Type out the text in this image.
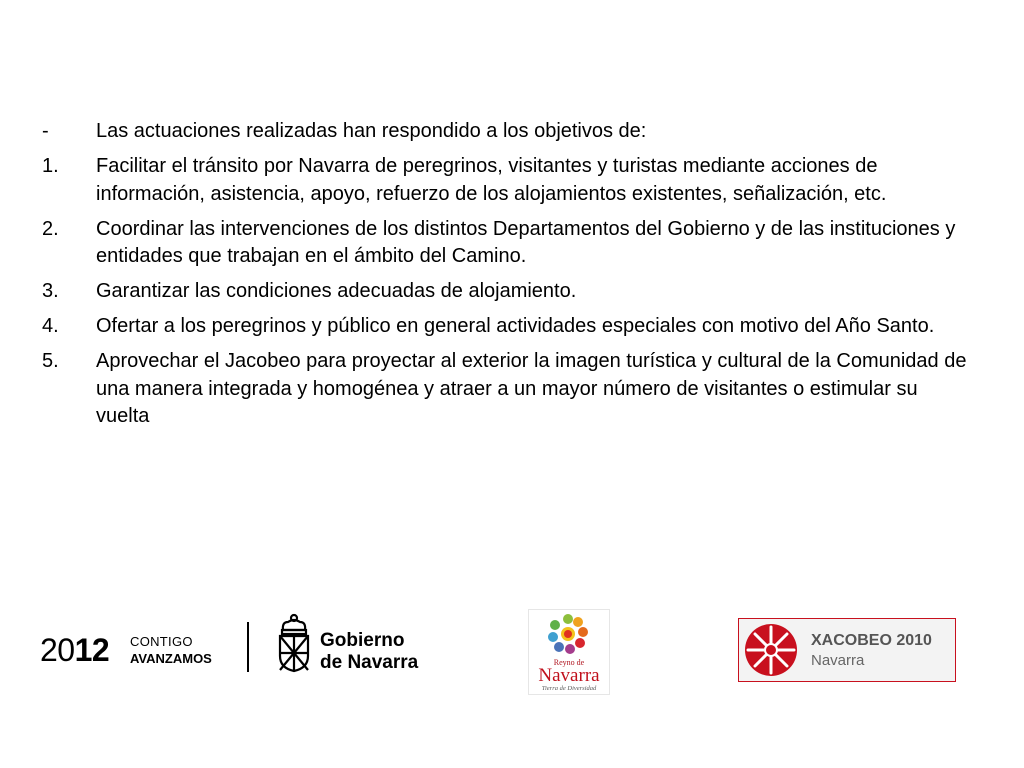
-	Las actuaciones realizadas han respondido a los objetivos de:
1.	Facilitar el tránsito por Navarra de peregrinos, visitantes y turistas mediante acciones de información, asistencia, apoyo, refuerzo de los alojamientos existentes, señalización, etc.
2.	Coordinar las intervenciones de los distintos Departamentos del Gobierno y de las instituciones y entidades que trabajan en el ámbito del Camino.
3.	Garantizar las condiciones adecuadas de alojamiento.
4.	Ofertar a los peregrinos y público en general actividades especiales con motivo del Año Santo.
5.	Aprovechar el Jacobeo para proyectar al exterior la imagen turística y cultural de la Comunidad de una manera integrada y homogénea y atraer a un mayor número de visitantes o estimular su vuelta
2012 CONTIGO
AVANZAMOS
Gobierno
de Navarra	Reyno de
Navarra
Tierra de Diversidad
XACOBEO 2010
Navarra
